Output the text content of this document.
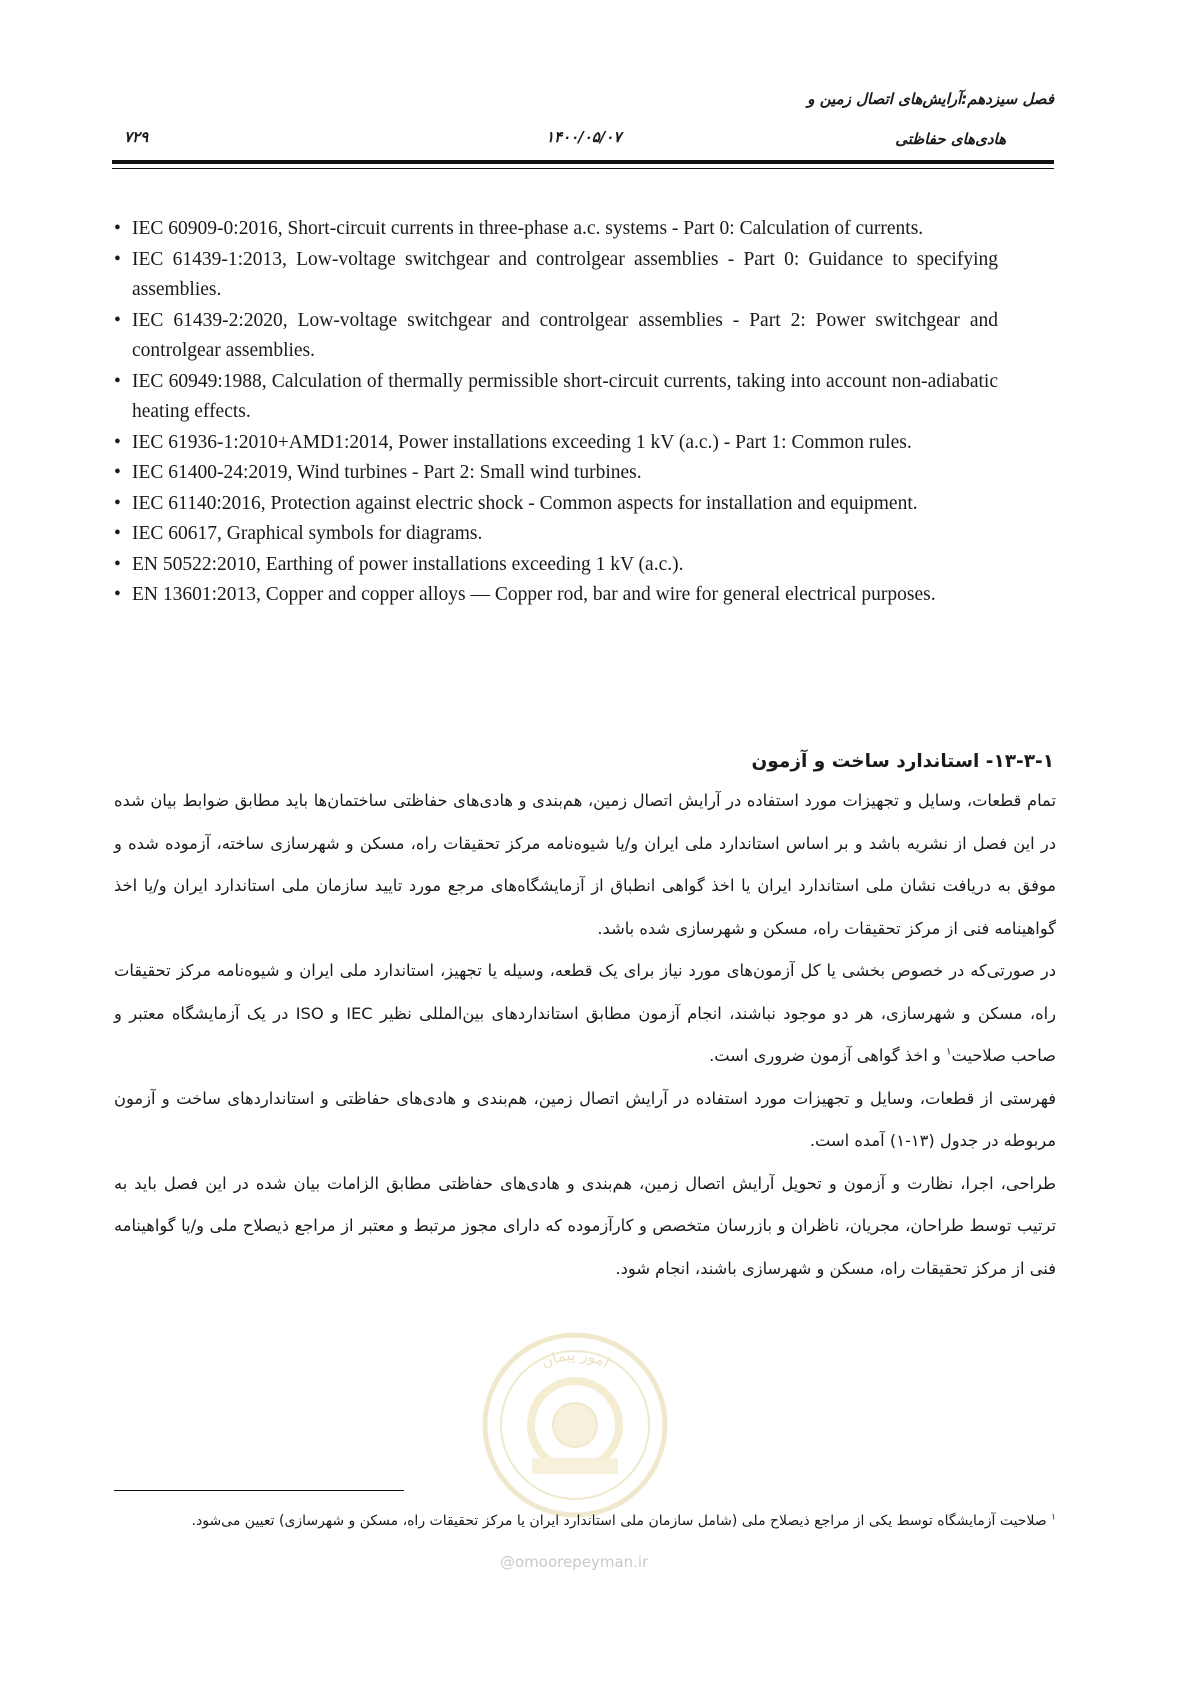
فصل سیزدهم:آرایش‌های اتصال زمین و
هادی‌های حفاظتی
۱۴۰۰/۰۵/۰۷
۷۲۹
• IEC 60909-0:2016, Short-circuit currents in three-phase a.c. systems - Part 0: Calculation of currents.
• IEC 61439-1:2013, Low-voltage switchgear and controlgear assemblies - Part 0: Guidance to specifying assemblies.
• IEC 61439-2:2020, Low-voltage switchgear and controlgear assemblies - Part 2: Power switchgear and controlgear assemblies.
• IEC 60949:1988, Calculation of thermally permissible short-circuit currents, taking into account non-adiabatic heating effects.
• IEC 61936-1:2010+AMD1:2014, Power installations exceeding 1 kV (a.c.) - Part 1: Common rules.
• IEC 61400-24:2019, Wind turbines - Part 2: Small wind turbines.
• IEC 61140:2016, Protection against electric shock - Common aspects for installation and equipment.
• IEC 60617, Graphical symbols for diagrams.
• EN 50522:2010, Earthing of power installations exceeding 1 kV (a.c.).
• EN 13601:2013, Copper and copper alloys — Copper rod, bar and wire for general electrical purposes.
۱۳-۳-۱- استاندارد ساخت و آزمون

تمام قطعات، وسایل و تجهیزات مورد استفاده در آرایش اتصال زمین، هم‌بندی و هادی‌های حفاظتی ساختمان‌ها باید مطابق ضوابط بیان شده در این فصل از نشریه باشد و بر اساس استاندارد ملی ایران و/یا شیوه‌نامه مرکز تحقیقات راه، مسکن و شهرسازی ساخته، آزموده شده و موفق به دریافت نشان ملی استاندارد ایران یا اخذ گواهی انطباق از آزمایشگاه‌های مرجع مورد تایید سازمان ملی استاندارد ایران و/یا اخذ گواهینامه فنی از مرکز تحقیقات راه، مسکن و شهرسازی شده باشد.

در صورتی‌که در خصوص بخشی یا کل آزمون‌های مورد نیاز برای یک قطعه، وسیله یا تجهیز، استاندارد ملی ایران و شیوه‌نامه مرکز تحقیقات راه، مسکن و شهرسازی، هر دو موجود نباشند، انجام آزمون مطابق استانداردهای بین‌المللی نظیر IEC و ISO در یک آزمایشگاه معتبر و صاحب صلاحیت$^۱$ و اخذ گواهی آزمون ضروری است.

فهرستی از قطعات، وسایل و تجهیزات مورد استفاده در آرایش اتصال زمین، هم‌بندی و هادی‌های حفاظتی و استانداردهای ساخت و آزمون مربوطه در جدول (۱۳-۱) آمده است.

طراحی، اجرا، نظارت و آزمون و تحویل آرایش اتصال زمین، هم‌بندی و هادی‌های حفاظتی مطابق الزامات بیان شده در این فصل باید به ترتیب توسط طراحان، مجریان، ناظران و بازرسان متخصص و کارآزموده که دارای مجوز مرتبط و معتبر از مراجع ذیصلاح ملی و/یا گواهینامه فنی از مرکز تحقیقات راه، مسکن و شهرسازی باشند، انجام شود.

امور پیمان
@omoorepeyman.ir

$^۱$ صلاحیت آزمایشگاه توسط یکی از مراجع ذیصلاح ملی (شامل سازمان ملی استاندارد ایران یا مرکز تحقیقات راه، مسکن و شهرسازی) تعیین می‌شود.
